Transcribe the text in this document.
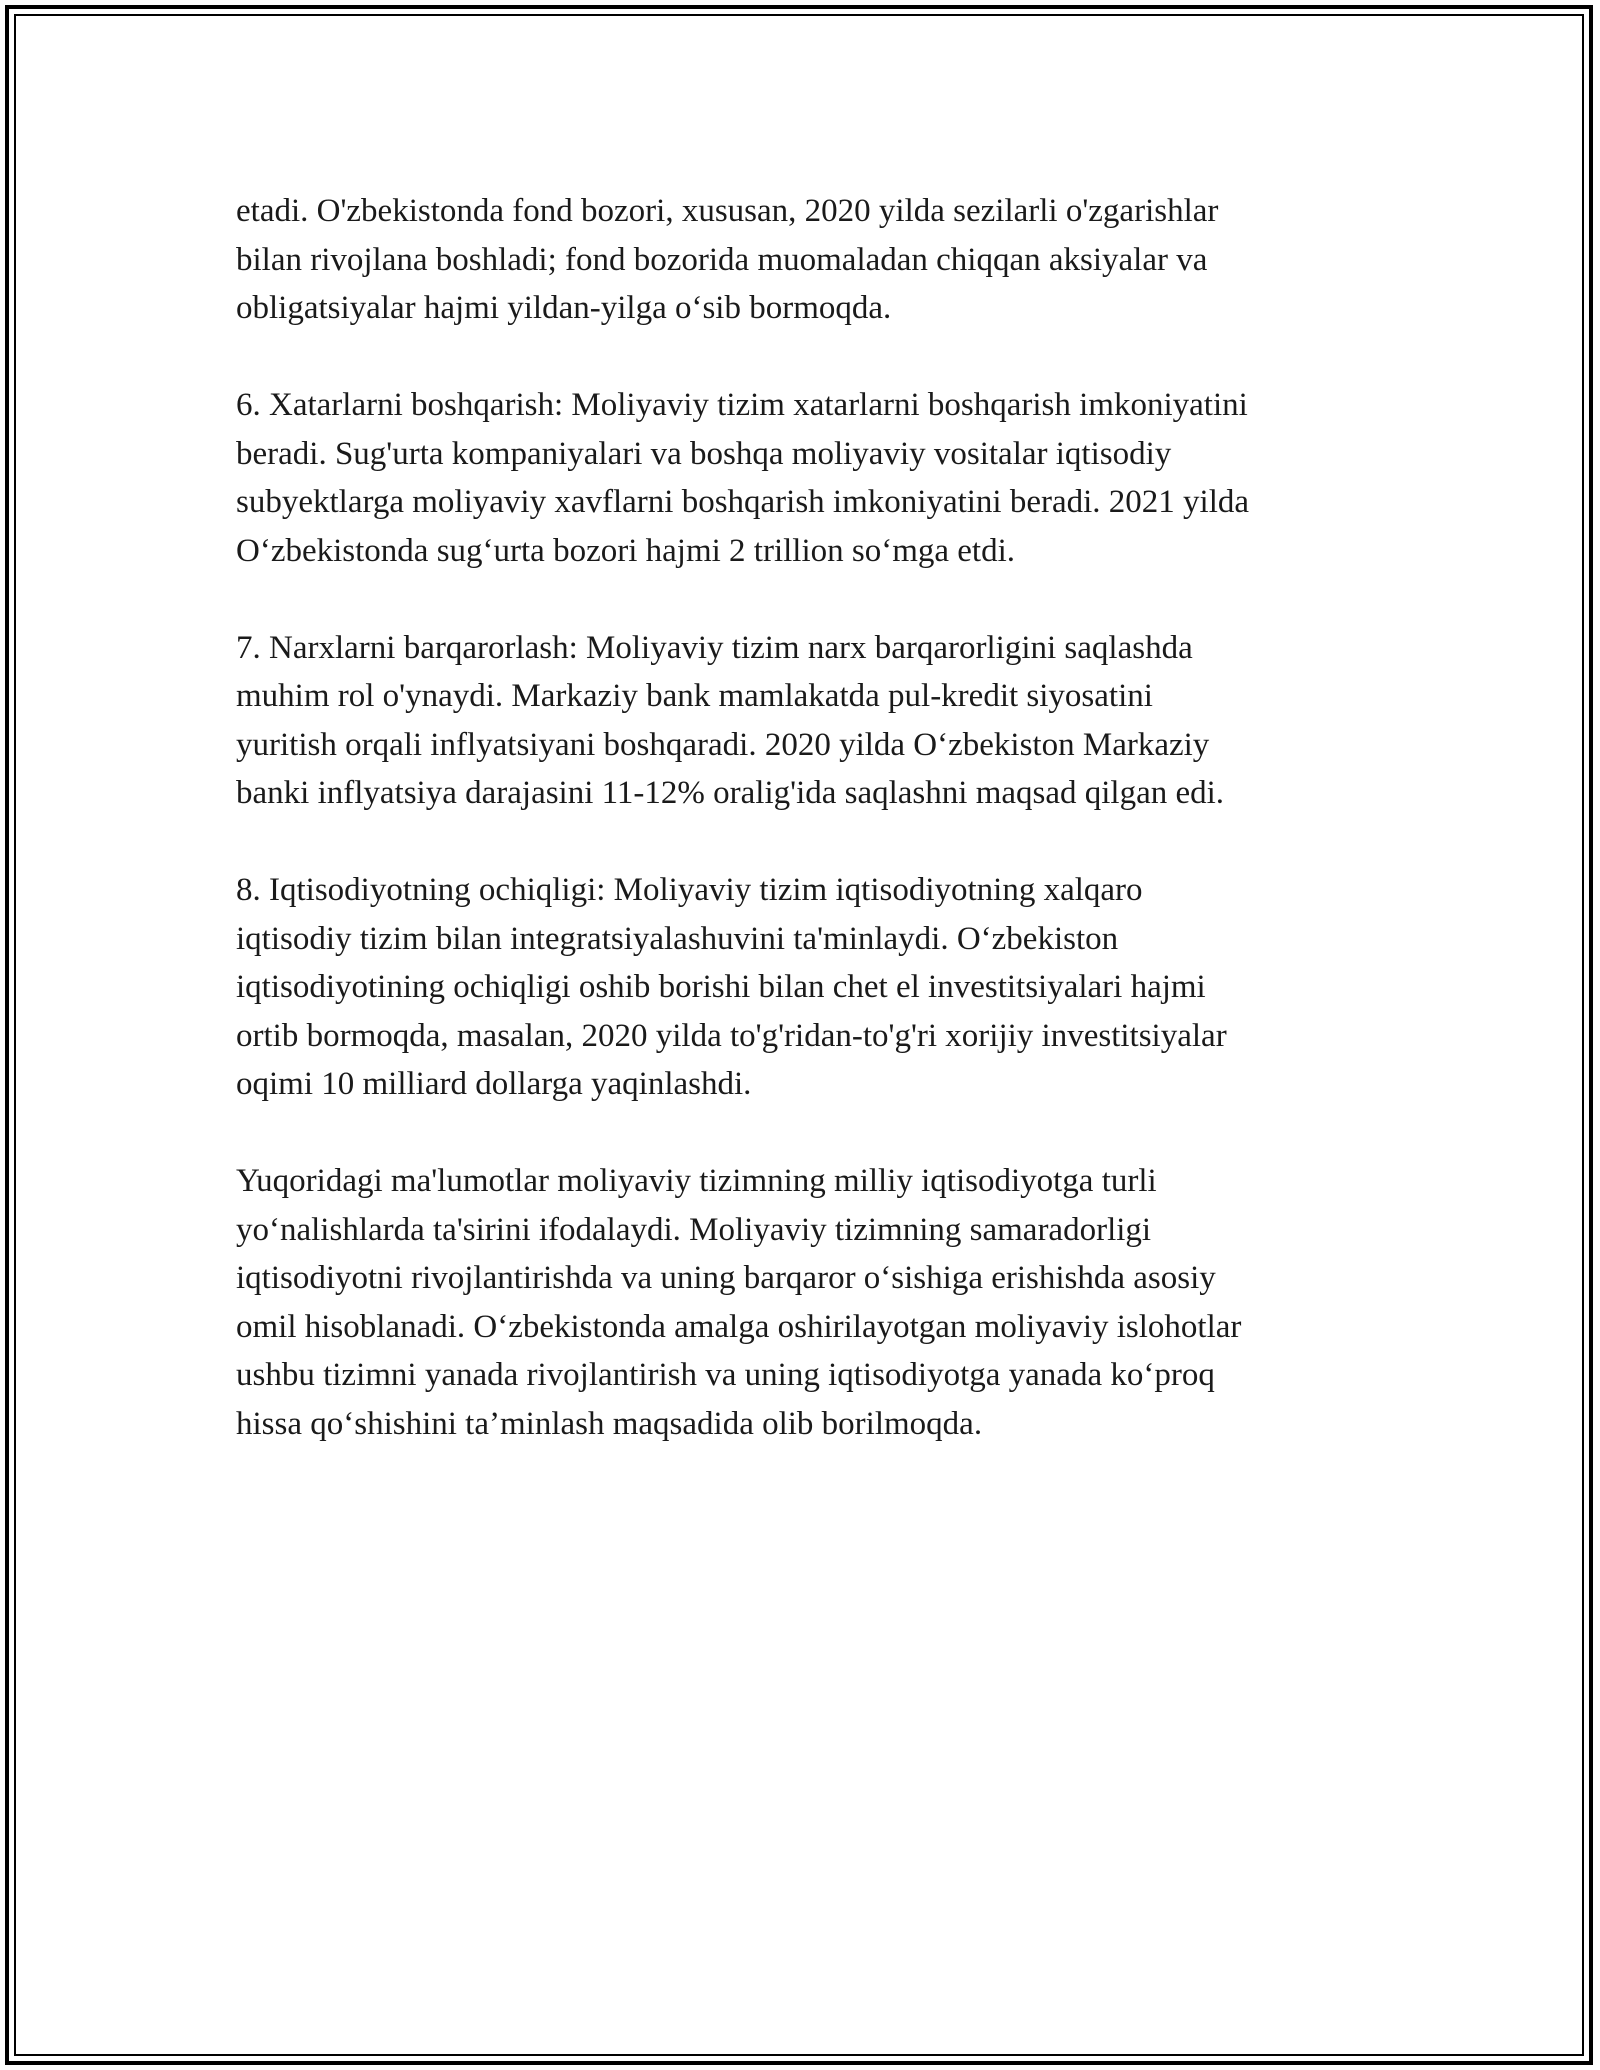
etadi. O'zbekistonda fond bozori, xususan, 2020 yilda sezilarli o'zgarishlar
bilan rivojlana boshladi; fond bozorida muomaladan chiqqan aksiyalar va
obligatsiyalar hajmi yildan-yilga o‘sib bormoqda.

6. Xatarlarni boshqarish: Moliyaviy tizim xatarlarni boshqarish imkoniyatini
beradi. Sug'urta kompaniyalari va boshqa moliyaviy vositalar iqtisodiy
subyektlarga moliyaviy xavflarni boshqarish imkoniyatini beradi. 2021 yilda
O‘zbekistonda sug‘urta bozori hajmi 2 trillion so‘mga etdi.

7. Narxlarni barqarorlash: Moliyaviy tizim narx barqarorligini saqlashda
muhim rol o'ynaydi. Markaziy bank mamlakatda pul-kredit siyosatini
yuritish orqali inflyatsiyani boshqaradi. 2020 yilda O‘zbekiston Markaziy
banki inflyatsiya darajasini 11-12% oralig'ida saqlashni maqsad qilgan edi.

8. Iqtisodiyotning ochiqligi: Moliyaviy tizim iqtisodiyotning xalqaro
iqtisodiy tizim bilan integratsiyalashuvini ta'minlaydi. O‘zbekiston
iqtisodiyotining ochiqligi oshib borishi bilan chet el investitsiyalari hajmi
ortib bormoqda, masalan, 2020 yilda to'g'ridan-to'g'ri xorijiy investitsiyalar
oqimi 10 milliard dollarga yaqinlashdi.

Yuqoridagi ma'lumotlar moliyaviy tizimning milliy iqtisodiyotga turli
yo‘nalishlarda ta'sirini ifodalaydi. Moliyaviy tizimning samaradorligi
iqtisodiyotni rivojlantirishda va uning barqaror o‘sishiga erishishda asosiy
omil hisoblanadi. O‘zbekistonda amalga oshirilayotgan moliyaviy islohotlar
ushbu tizimni yanada rivojlantirish va uning iqtisodiyotga yanada ko‘proq
hissa qo‘shishini ta’minlash maqsadida olib borilmoqda.
